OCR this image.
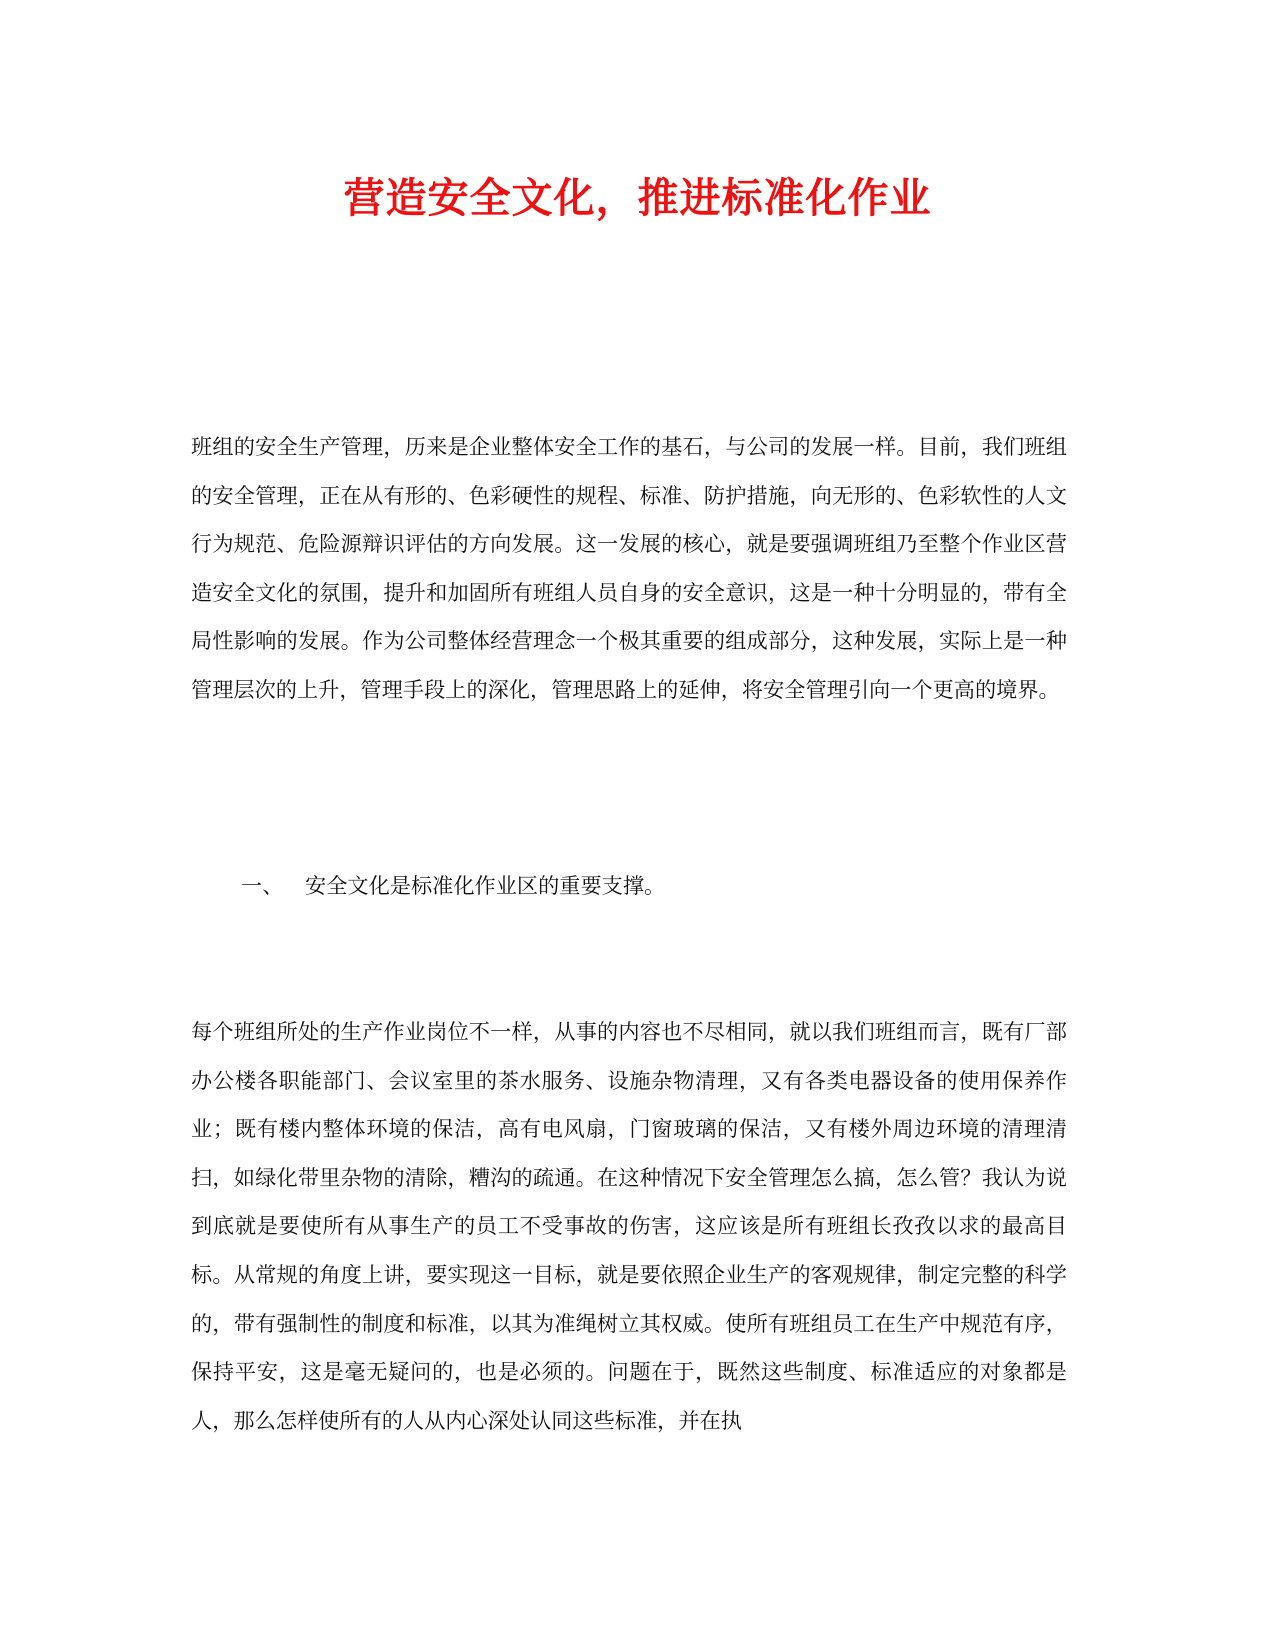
营造安全文化，推进标准化作业

班组的安全生产管理，历来是企业整体安全工作的基石，与公司的发展一样。目前，我们班组的安全管理，正在从有形的、色彩硬性的规程、标准、防护措施，向无形的、色彩软性的人文行为规范、危险源辩识评估的方向发展。这一发展的核心，就是要强调班组乃至整个作业区营造安全文化的氛围，提升和加固所有班组人员自身的安全意识，这是一种十分明显的，带有全局性影响的发展。作为公司整体经营理念一个极其重要的组成部分，这种发展，实际上是一种管理层次的上升，管理手段上的深化，管理思路上的延伸，将安全管理引向一个更高的境界。

一、 安全文化是标准化作业区的重要支撑。

每个班组所处的生产作业岗位不一样，从事的内容也不尽相同，就以我们班组而言，既有厂部办公楼各职能部门、会议室里的茶水服务、设施杂物清理，又有各类电器设备的使用保养作业；既有楼内整体环境的保洁，高有电风扇，门窗玻璃的保洁，又有楼外周边环境的清理清扫，如绿化带里杂物的清除，糟沟的疏通。在这种情况下安全管理怎么搞，怎么管？我认为说到底就是要使所有从事生产的员工不受事故的伤害，这应该是所有班组长孜孜以求的最高目标。从常规的角度上讲，要实现这一目标，就是要依照企业生产的客观规律，制定完整的科学的，带有强制性的制度和标准，以其为准绳树立其权威。使所有班组员工在生产中规范有序，保持平安，这是毫无疑问的，也是必须的。问题在于，既然这些制度、标准适应的对象都是人，那么怎样使所有的人从内心深处认同这些标准，并在执
